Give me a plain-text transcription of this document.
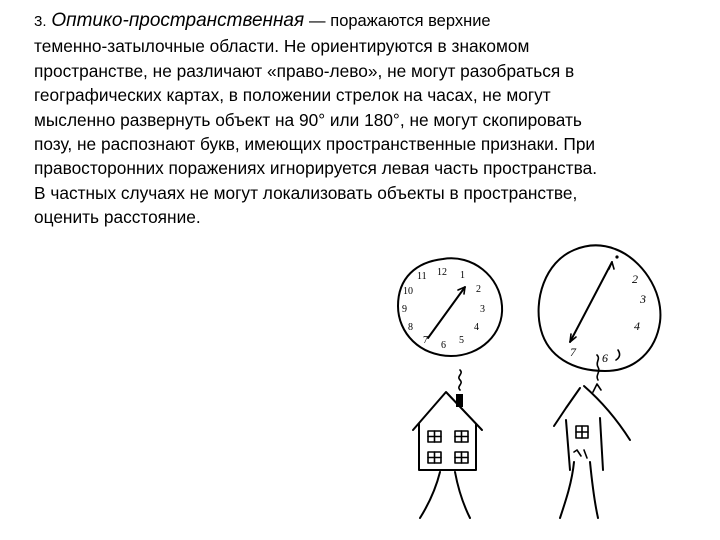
3. Оптико-пространственная — поражаются верхние
теменно-затылочные области. Не ориентируются в знакомом
пространстве, не различают «право-лево», не могут разобраться в
географических картах, в положении стрелок на часах, не могут
мысленно развернуть объект на 90° или 180°, не могут скопировать
позу, не распознают букв, имеющих пространственные признаки. При
правосторонних поражениях игнорируется левая часть пространства.
В частных случаях не могут локализовать объекты в пространстве,
оценить расстояние.
12 1
2
3
4
5
6
7
8
9
10
11	2
3
4
6
7
